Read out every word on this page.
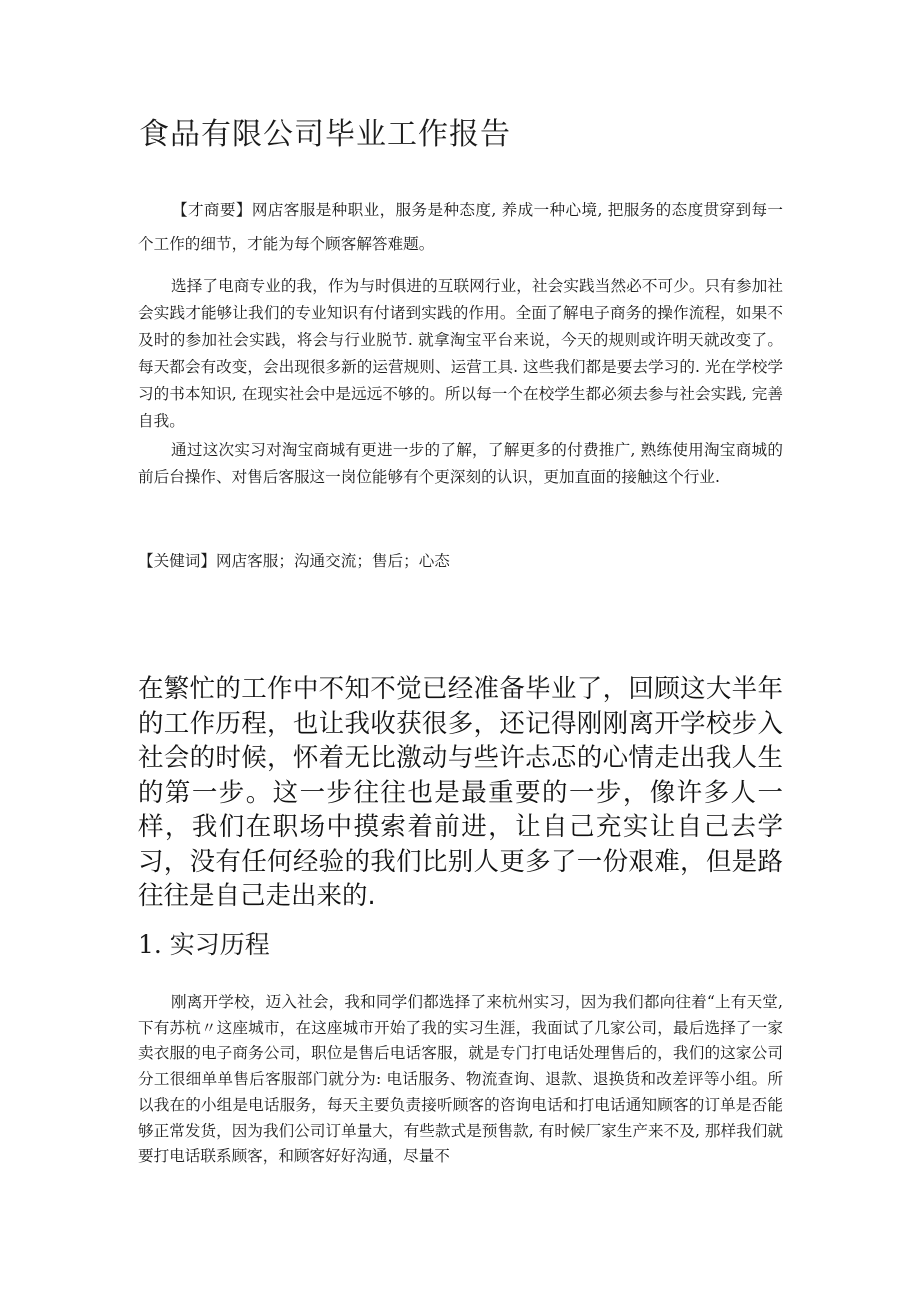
食品有限公司毕业工作报告

【才商要】网店客服是种职业，服务是种态度, 养成一种心境, 把服务的态度贯穿到每一个工作的细节，才能为每个顾客解答难题。

选择了电商专业的我，作为与时俱进的互联网行业，社会实践当然必不可少。只有参加社会实践才能够让我们的专业知识有付诸到实践的作用。全面了解电子商务的操作流程，如果不及时的参加社会实践，将会与行业脱节. 就拿淘宝平台来说，今天的规则或许明天就改变了。每天都会有改变，会出现很多新的运营规则、运营工具. 这些我们都是要去学习的. 光在学校学习的书本知识, 在现实社会中是远远不够的。所以每一个在校学生都必须去参与社会实践, 完善自我。

通过这次实习对淘宝商城有更进一步的了解，了解更多的付费推广, 熟练使用淘宝商城的前后台操作、对售后客服这一岗位能够有个更深刻的认识，更加直面的接触这个行业.

【关健词】网店客服；沟通交流；售后；心态

在繁忙的工作中不知不觉已经准备毕业了，回顾这大半年的工作历程，也让我收获很多，还记得刚刚离开学校步入社会的时候，怀着无比激动与些许忐忑的心情走出我人生的第一步。这一步往往也是最重要的一步，像许多人一样，我们在职场中摸索着前进，让自己充实让自己去学习，没有任何经验的我们比别人更多了一份艰难，但是路往往是自己走出来的.

1. 实习历程

刚离开学校，迈入社会，我和同学们都选择了来杭州实习，因为我们都向往着“上有天堂, 下有苏杭〃这座城市，在这座城市开始了我的实习生涯，我面试了几家公司，最后选择了一家卖衣服的电子商务公司，职位是售后电话客服，就是专门打电话处理售后的，我们的这家公司分工很细单单售后客服部门就分为: 电话服务、物流查询、退款、退换货和改差评等小组。所以我在的小组是电话服务，每天主要负责接听顾客的咨询电话和打电话通知顾客的订单是否能够正常发货，因为我们公司订单量大，有些款式是预售款, 有时候厂家生产来不及, 那样我们就要打电话联系顾客，和顾客好好沟通，尽量不
